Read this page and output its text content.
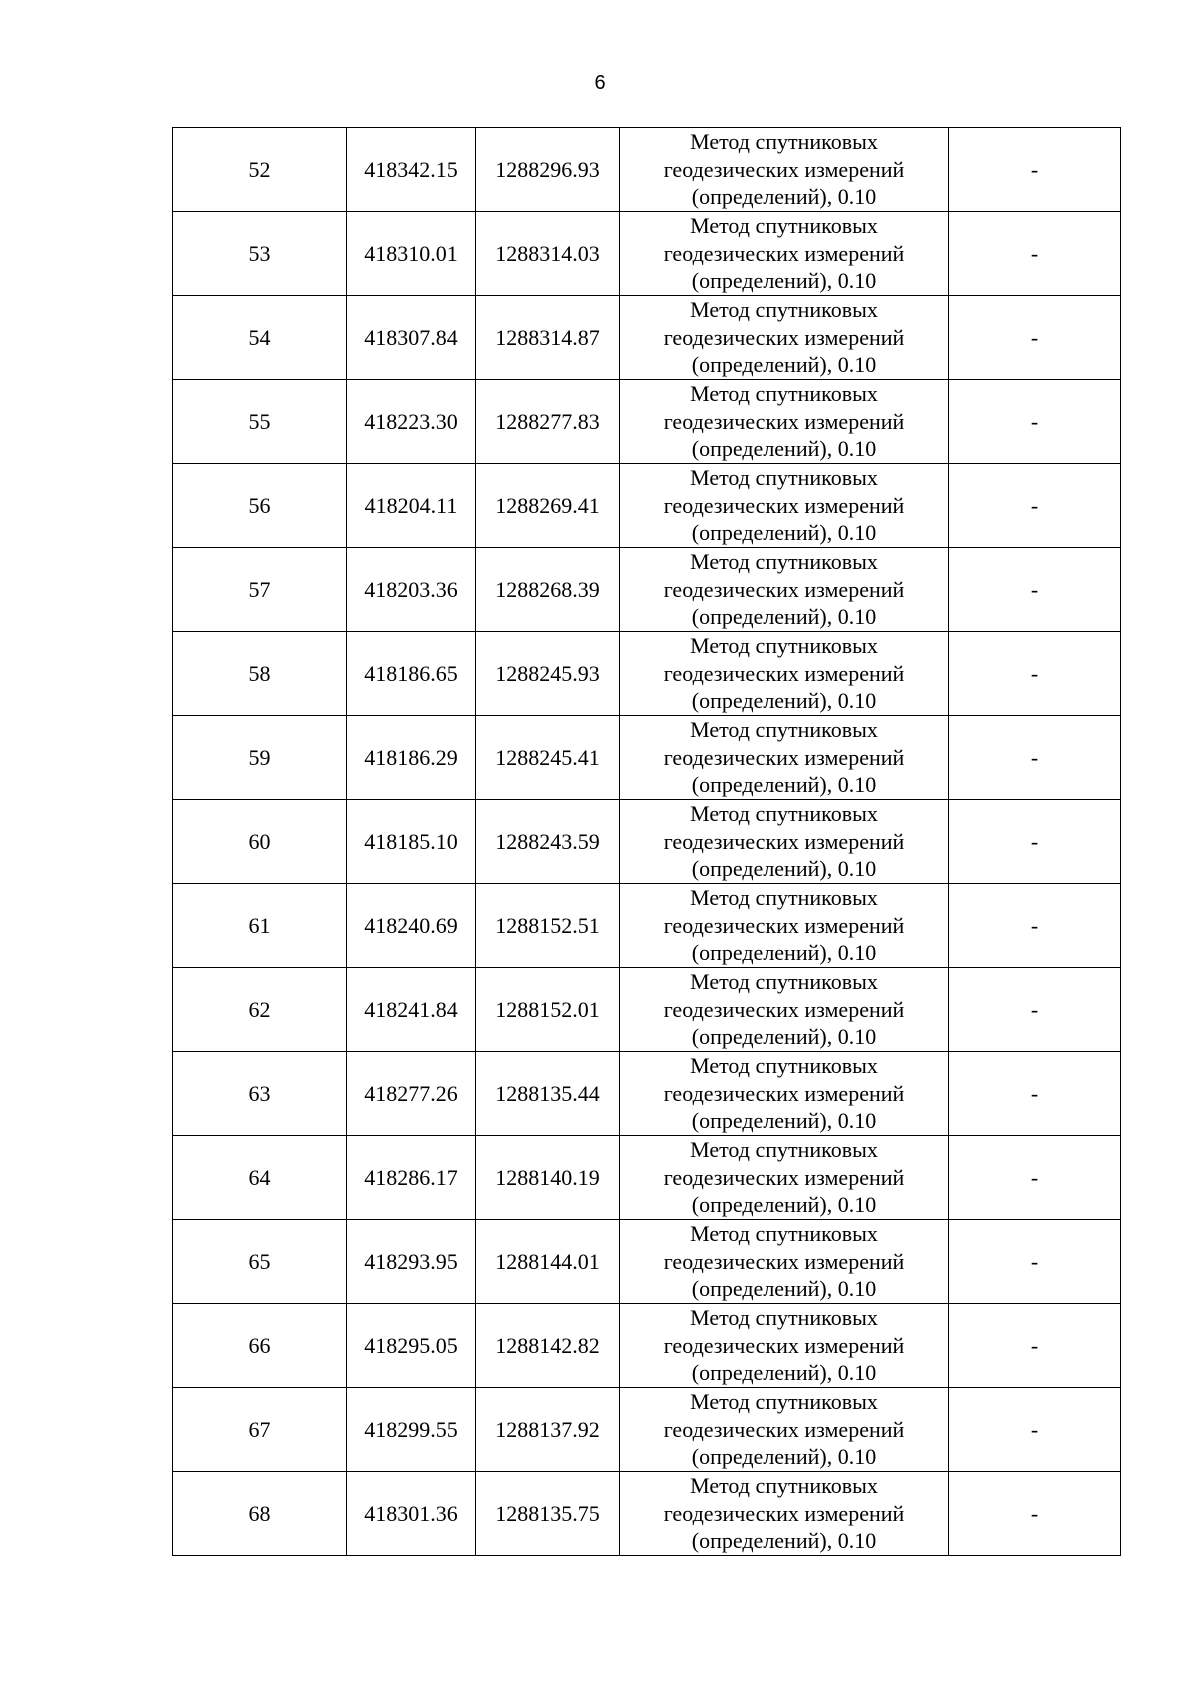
6
52	418342.15	1288296.93	Метод спутниковых
геодезических измерений
(определений), 0.10	-
53	418310.01	1288314.03	Метод спутниковых
геодезических измерений
(определений), 0.10	-
54	418307.84	1288314.87	Метод спутниковых
геодезических измерений
(определений), 0.10	-
55	418223.30	1288277.83	Метод спутниковых
геодезических измерений
(определений), 0.10	-
56	418204.11	1288269.41	Метод спутниковых
геодезических измерений
(определений), 0.10	-
57	418203.36	1288268.39	Метод спутниковых
геодезических измерений
(определений), 0.10	-
58	418186.65	1288245.93	Метод спутниковых
геодезических измерений
(определений), 0.10	-
59	418186.29	1288245.41	Метод спутниковых
геодезических измерений
(определений), 0.10	-
60	418185.10	1288243.59	Метод спутниковых
геодезических измерений
(определений), 0.10	-
61	418240.69	1288152.51	Метод спутниковых
геодезических измерений
(определений), 0.10	-
62	418241.84	1288152.01	Метод спутниковых
геодезических измерений
(определений), 0.10	-
63	418277.26	1288135.44	Метод спутниковых
геодезических измерений
(определений), 0.10	-
64	418286.17	1288140.19	Метод спутниковых
геодезических измерений
(определений), 0.10	-
65	418293.95	1288144.01	Метод спутниковых
геодезических измерений
(определений), 0.10	-
66	418295.05	1288142.82	Метод спутниковых
геодезических измерений
(определений), 0.10	-
67	418299.55	1288137.92	Метод спутниковых
геодезических измерений
(определений), 0.10	-
68	418301.36	1288135.75	Метод спутниковых
геодезических измерений
(определений), 0.10	-
